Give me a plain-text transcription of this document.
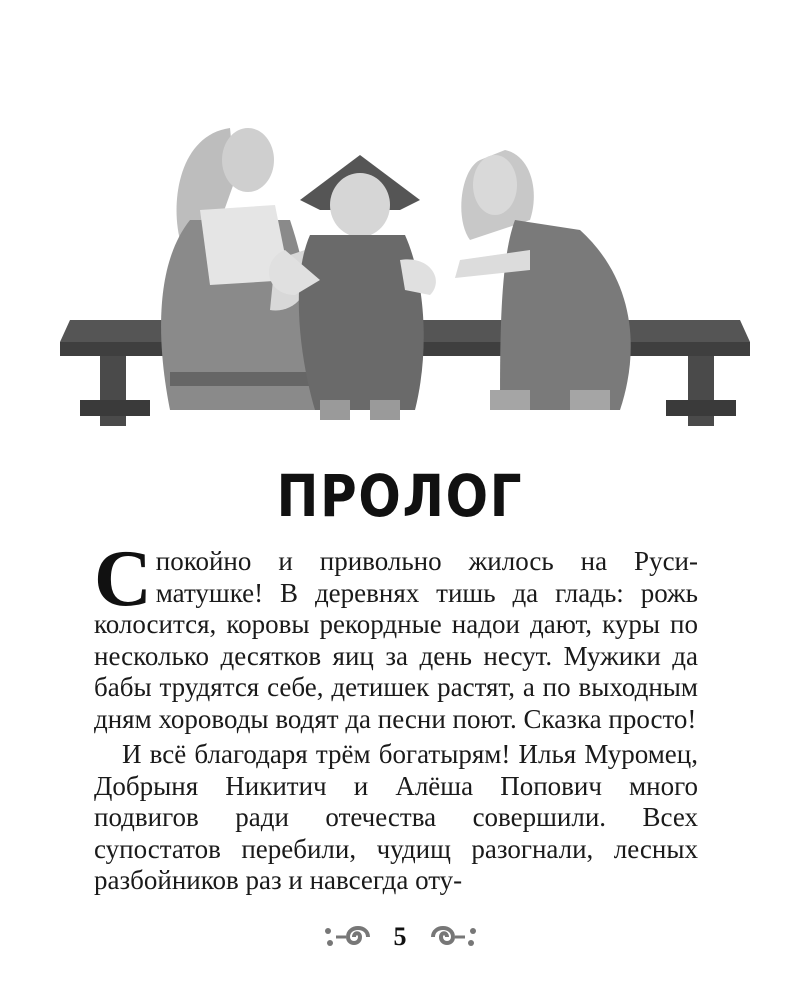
ПРОЛОГ

Спокойно и привольно жилось на Руси-матушке! В деревнях тишь да гладь: рожь колосится, коровы рекордные надои дают, куры по несколько десятков яиц за день несут. Мужики да бабы трудятся себе, детишек растят, а по выходным дням хороводы водят да песни поют. Сказка просто!

И всё благодаря трём богатырям! Илья Муромец, Добрыня Никитич и Алёша Попович много подвигов ради отечества совершили. Всех супостатов перебили, чудищ разогнали, лесных разбойников раз и навсегда оту-

5
